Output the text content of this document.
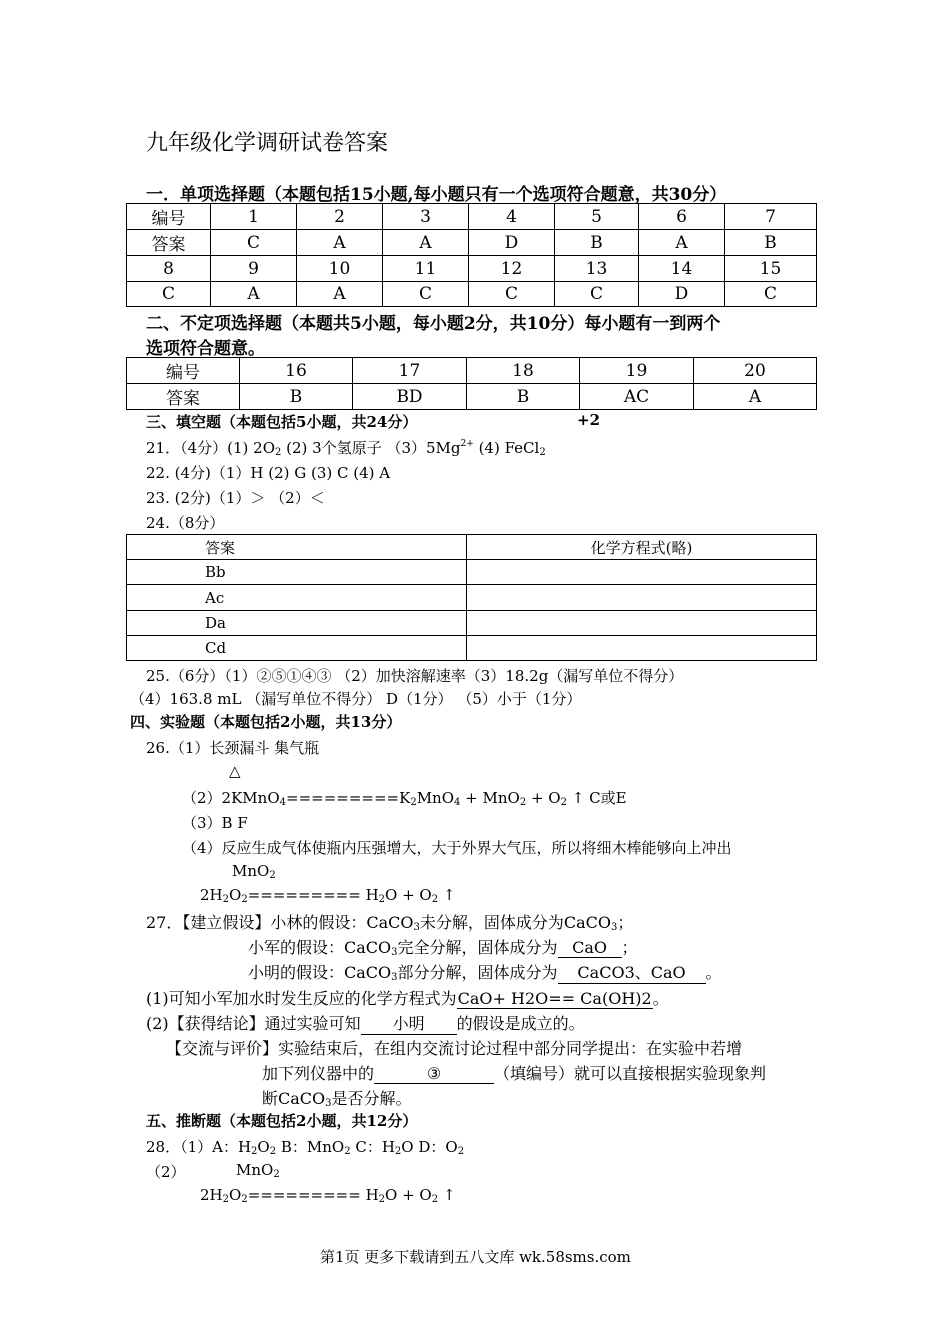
九年级化学调研试卷答案
一．单项选择题（本题包括15小题,每小题只有一个选项符合题意，共30分）
编号	1	2	3	4	5	6	7
答案	C	A	A	D	B	A	B
8	9	10	11	12	13	14	15
C	A	A	C	C	C	D	C
二、不定项选择题（本题共5小题，每小题2分，共10分）每小题有一到两个
选项符合题意。
编号	16	17	18	19	20
答案	B	BD	B	AC	A
三、填空题（本题包括5小题，共24分）	+2
21．（4分）(1) $2O_2$ (2) 3个氢原子 $(3)5Mg^{2+}$ (4) FeCl$_2$
22. (4分)（1）H (2) G (3) C (4) A
23. (2分)（1）＞ （2）＜
24.（8分）
答案	化学方程式(略)
Bb	
Ac	
Da	
Cd	
25.（6分）（1）②⑤①④③ （2）加快溶解速率（3）18.2g（漏写单位不得分）
（4）163.8 mL （漏写单位不得分） D（1分） （5）小于（1分）
四、实验题（本题包括2小题，共13分）
26.（1）长颈漏斗 集气瓶
△
$(2)2KMnO_4=========K_2MnO_4 + MnO_2 + O_2$ ↑ C或E
（3）B F
（4）反应生成气体使瓶内压强增大，大于外界大气压，所以将细木棒能够向上冲出
MnO$_2$
$2H_2O_2========= H_2O + O_2$ ↑
27．【建立假设】小林的假设：CaCO$_3$未分解，固体成分为CaCO$_3$；
小军的假设：CaCO$_3$完全分解，固体成分为 CaO ；
小明的假设：CaCO$_3$部分分解，固体成分为 CaCO3、CaO 。
(1)可知小军加水时发生反应的化学方程式为CaO+ H2O== Ca(OH)2。
(2)【获得结论】通过实验可知 小明 的假设是成立的。
【交流与评价】实验结束后，在组内交流讨论过程中部分同学提出：在实验中若增
加下列仪器中的	③	（填编号）就可以直接根据实验现象判
断CaCO$_3$是否分解。
五、推断题（本题包括2小题，共12分）
28．（1）A：$H_2O_2$ B：MnO$_2$ C：$H_2O$ D：$O_2$
（2）	MnO$_2$
$2H_2O_2========= H_2O + O_2$ ↑
第1页 更多下载请到五八文库 wk.58sms.com
